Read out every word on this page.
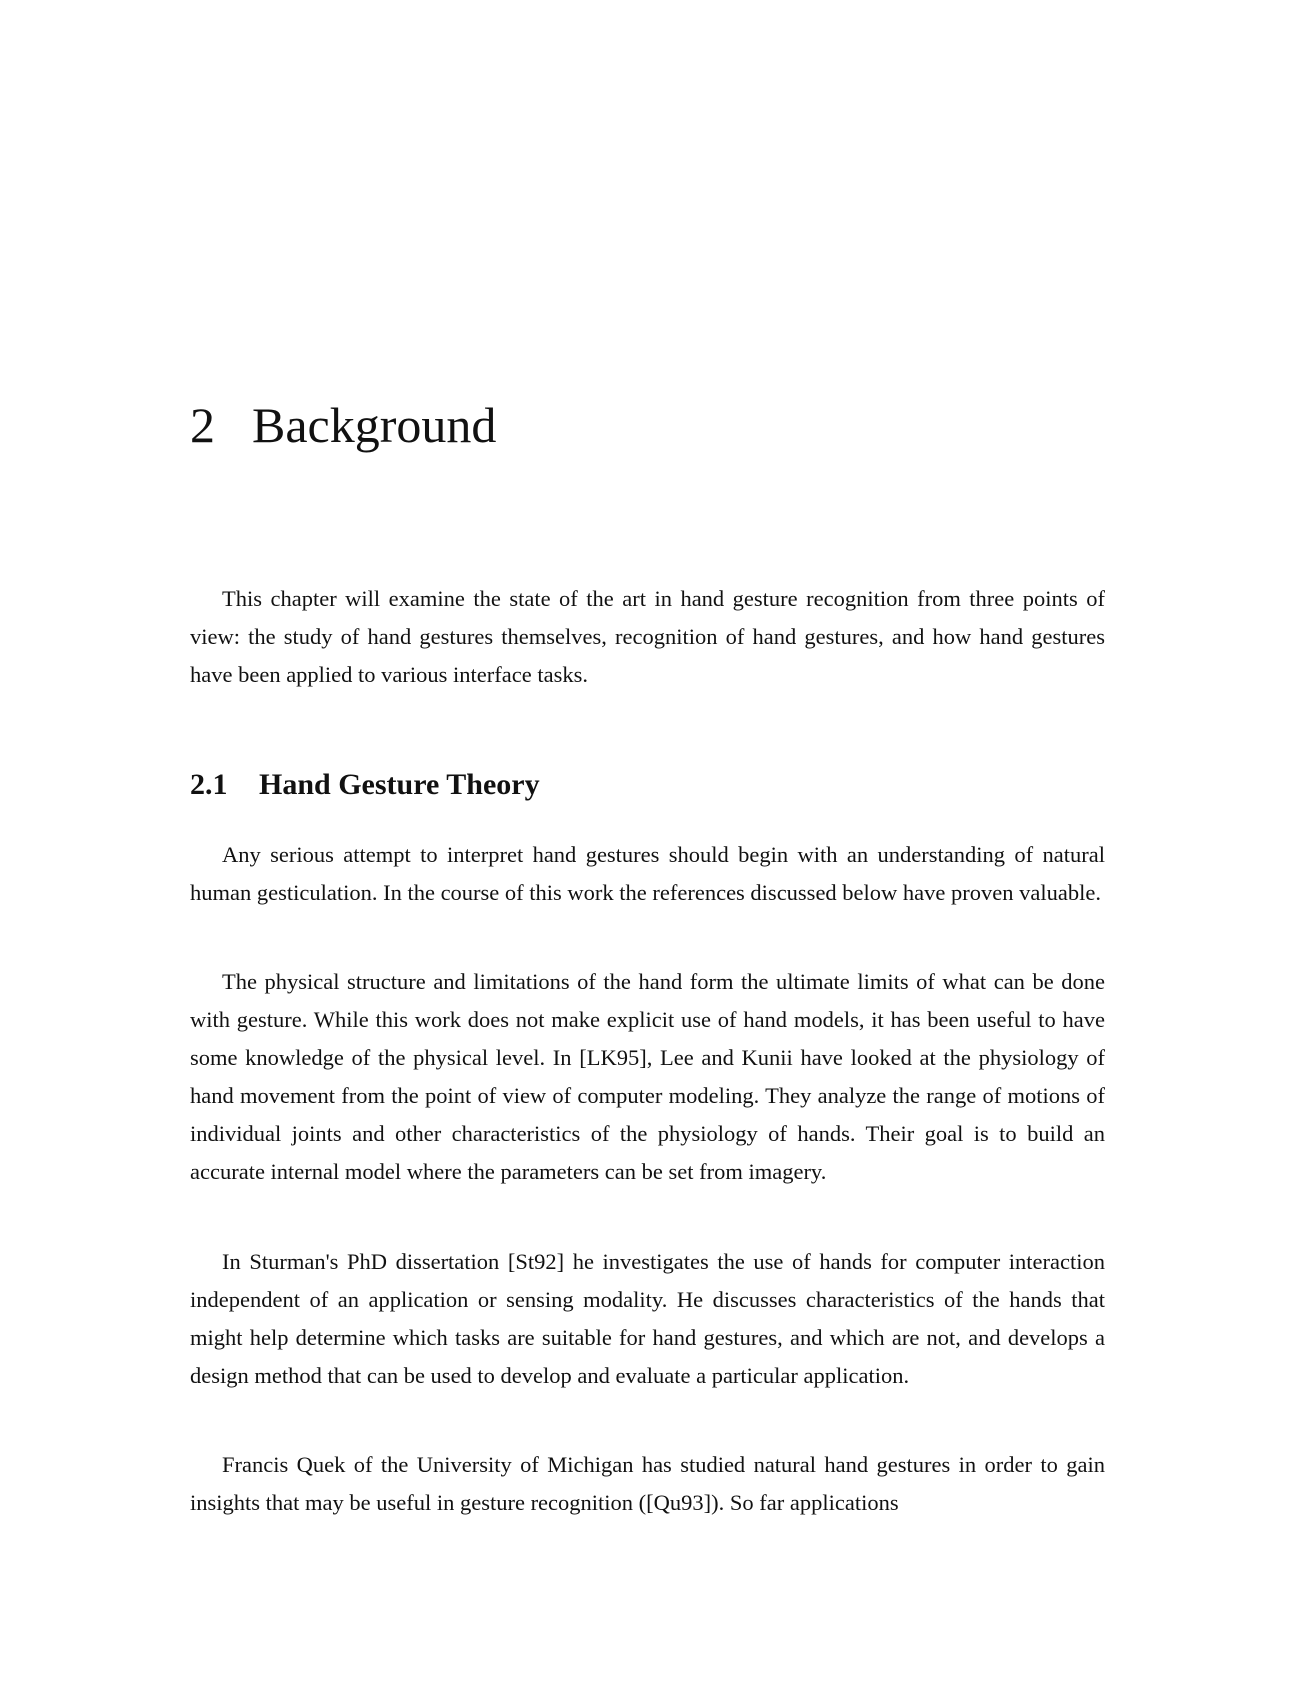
2 Background

This chapter will examine the state of the art in hand gesture recognition from three points of view: the study of hand gestures themselves, recognition of hand gestures, and how hand gestures have been applied to various interface tasks.

2.1 Hand Gesture Theory

Any serious attempt to interpret hand gestures should begin with an understanding of natural human gesticulation. In the course of this work the references discussed below have proven valuable.

The physical structure and limitations of the hand form the ultimate limits of what can be done with gesture. While this work does not make explicit use of hand models, it has been useful to have some knowledge of the physical level. In [LK95], Lee and Kunii have looked at the physiology of hand movement from the point of view of computer modeling. They analyze the range of motions of individual joints and other characteristics of the physiology of hands. Their goal is to build an accurate internal model where the parameters can be set from imagery.

In Sturman's PhD dissertation [St92] he investigates the use of hands for computer interaction independent of an application or sensing modality. He discusses characteristics of the hands that might help determine which tasks are suitable for hand gestures, and which are not, and develops a design method that can be used to develop and evaluate a particular application.

Francis Quek of the University of Michigan has studied natural hand gestures in order to gain insights that may be useful in gesture recognition ([Qu93]). So far applications
